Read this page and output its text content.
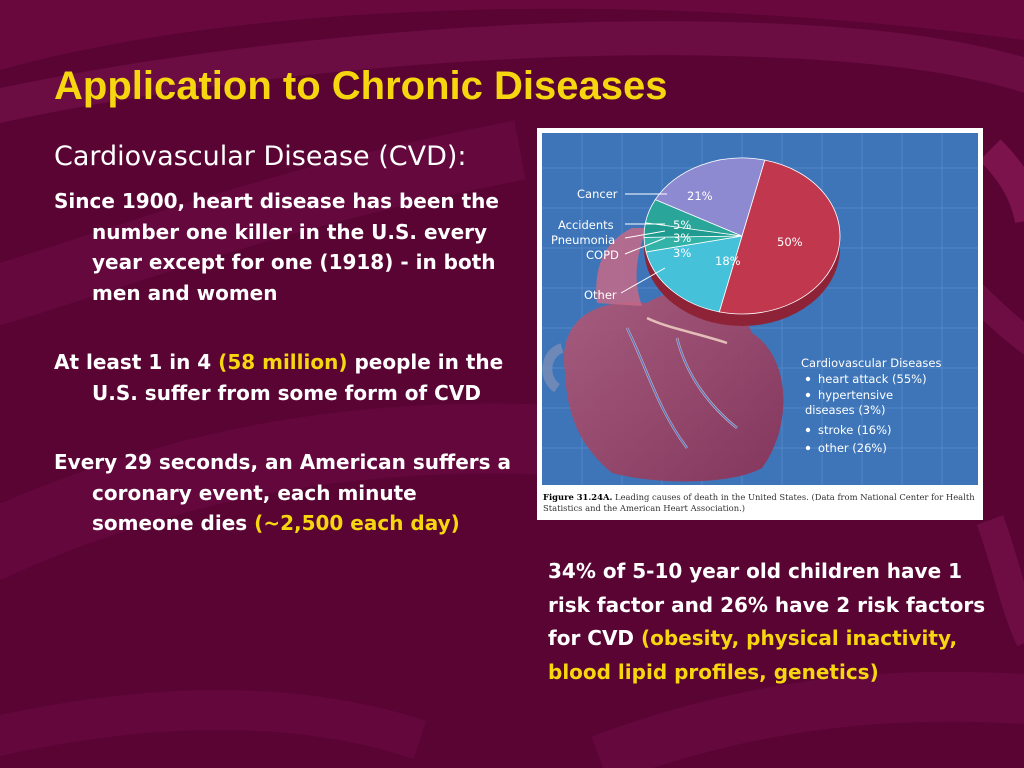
Application to Chronic Diseases

Cardiovascular Disease (CVD):

Since 1900, heart disease has been the number one killer in the U.S. every year except for one (1918) - in both men and women

At least 1 in 4 (58 million) people in the U.S. suffer from some form of CVD

Every 29 seconds, an American suffers a coronary event, each minute someone dies (~2,500 each day)

Cancer
Accidents
Pneumonia
COPD
Other
21%
5%
3%
3%
18%
50%
Cardiovascular Diseases
heart attack (55%)
hypertensive
diseases (3%)
stroke (16%)
other (26%)
Figure 31.24A. Leading causes of death in the United States. (Data from National Center for Health Statistics and the American Heart Association.)
34% of 5-10 year old children have 1 risk factor and 26% have 2 risk factors for CVD (obesity, physical inactivity, blood lipid profiles, genetics)
